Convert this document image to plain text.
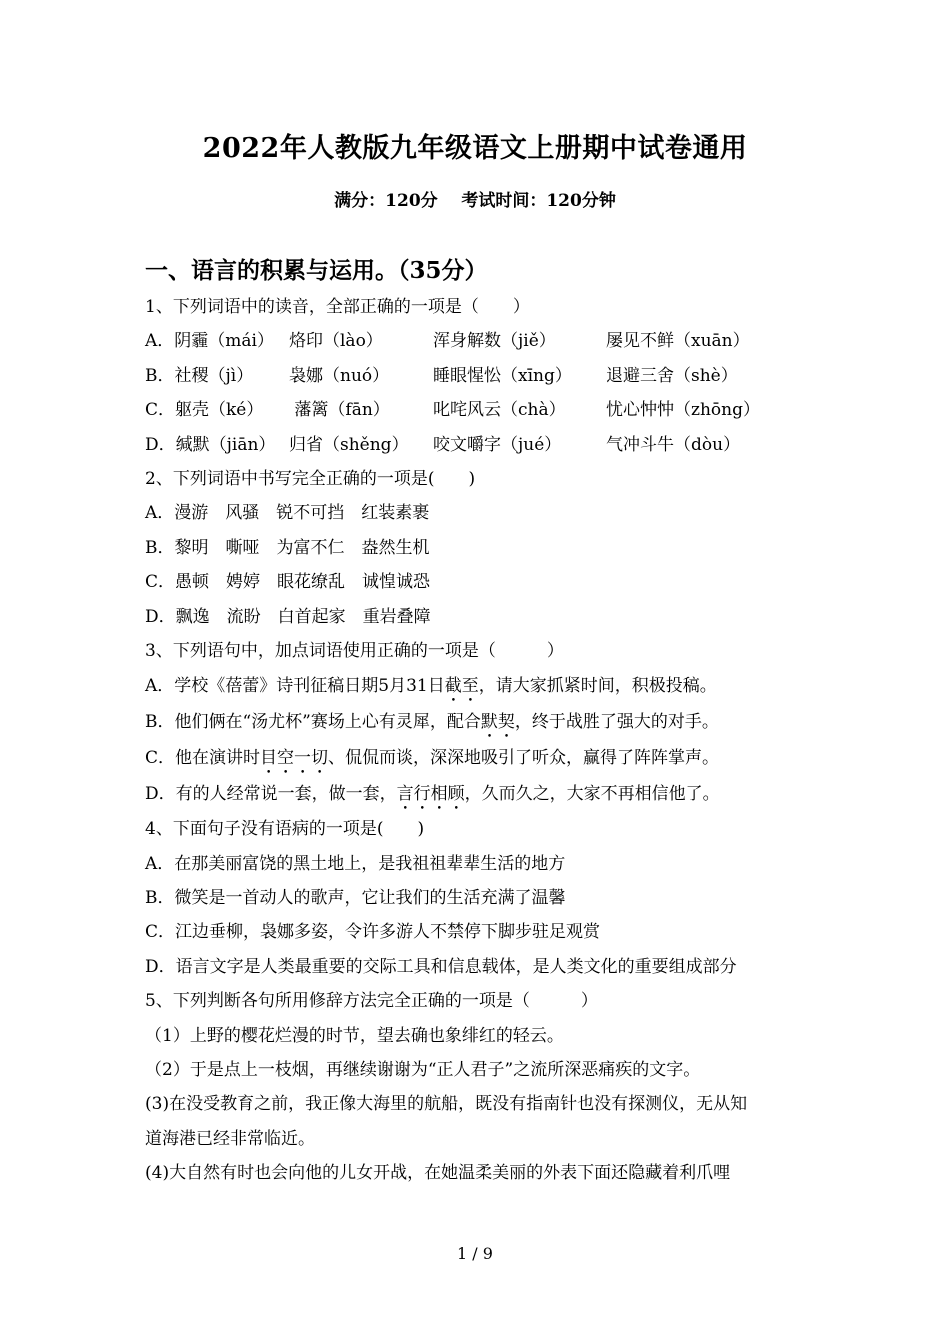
2022年人教版九年级语文上册期中试卷通用
满分：120分    考试时间：120分钟
一、语言的积累与运用。（35分）
1、下列词语中的读音，全部正确的一项是（　　）
A．阴霾（mái） 烙印（lào）	浑身解数（jiě）	屡见不鲜（xuān）
B．社稷（jì）	袅娜（nuó）	睡眼惺忪（xīng）	退避三舍（shè）
C．躯壳（ké）	藩篱（fān）	叱咤风云（chà）	忧心忡忡（zhōng）
D．缄默（jiān） 归省（shěng）	咬文嚼字（jué）	气冲斗牛（dòu）
2、下列词语中书写完全正确的一项是(　　)
A．漫游　风骚　锐不可挡　红装素裹
B．黎明　嘶哑　为富不仁　盎然生机
C．愚顿　娉婷　眼花缭乱　诚惶诚恐
D．飘逸　流盼　白首起家　重岩叠障
3、下列语句中，加点词语使用正确的一项是（　　　）
A．学校《蓓蕾》诗刊征稿日期5月31日截至，请大家抓紧时间，积极投稿。
B．他们俩在“汤尤杯”赛场上心有灵犀，配合默契，终于战胜了强大的对手。
C．他在演讲时目空一切、侃侃而谈，深深地吸引了听众，赢得了阵阵掌声。
D．有的人经常说一套，做一套，言行相顾，久而久之，大家不再相信他了。
4、下面句子没有语病的一项是(　　)
A．在那美丽富饶的黑土地上，是我祖祖辈辈生活的地方
B．微笑是一首动人的歌声，它让我们的生活充满了温馨
C．江边垂柳，袅娜多姿，令许多游人不禁停下脚步驻足观赏
D．语言文字是人类最重要的交际工具和信息载体，是人类文化的重要组成部分
5、下列判断各句所用修辞方法完全正确的一项是（　　　）
（1）上野的樱花烂漫的时节，望去确也象绯红的轻云。
（2）于是点上一枝烟，再继续谢谢为“正人君子”之流所深恶痛疾的文字。
(3)在没受教育之前，我正像大海里的航船，既没有指南针也没有探测仪，无从知
道海港已经非常临近。
(4)大自然有时也会向他的儿女开战，在她温柔美丽的外表下面还隐藏着利爪哩
1 / 9
